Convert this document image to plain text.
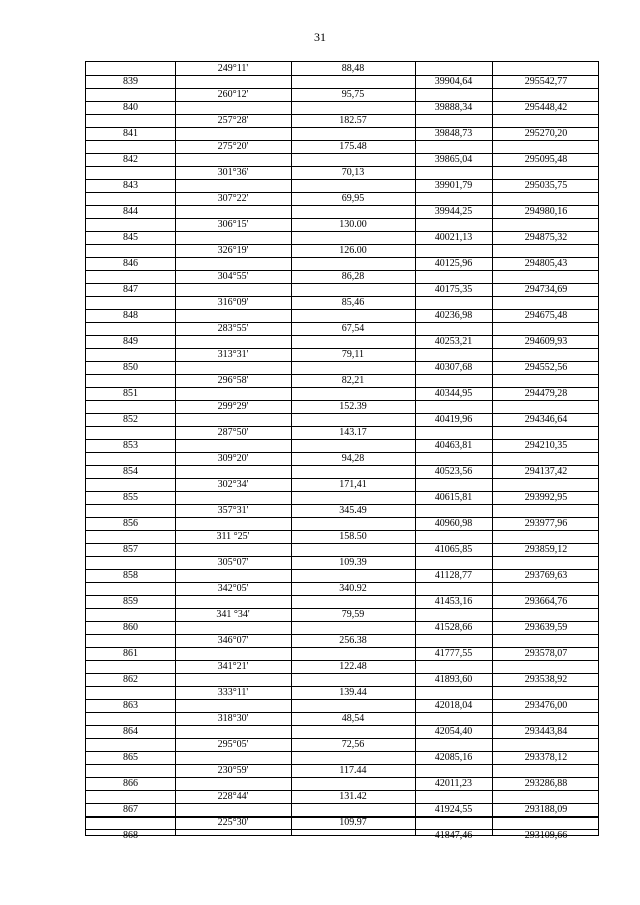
31
249°11'	88,48
839	39904,64	295542,77
260°12'	95,75
840	39888,34	295448,42
257°28'	182.57
841	39848,73	295270,20
275°20'	175.48
842	39865,04	295095,48
301°36'	70,13
843	39901,79	295035,75
307°22'	69,95
844	39944,25	294980,16
306°15'	130.00
845	40021,13	294875,32
326°19'	126.00
846	40125,96	294805,43
304°55'	86,28
847	40175,35	294734,69
316°09'	85,46
848	40236,98	294675,48
283°55'	67,54
849	40253,21	294609,93
313°31'	79,11
850	40307,68	294552,56
296°58'	82,21
851	40344,95	294479,28
299°29'	152.39
852	40419,96	294346,64
287°50'	143.17
853	40463,81	294210,35
309°20'	94,28
854	40523,56	294137,42
302°34'	171,41
855	40615,81	293992,95
357°31'	345.49
856	40960,98	293977,96
311 °25'	158.50
857	41065,85	293859,12
305°07'	109.39
858	41128,77	293769,63
342°05'	340.92
859	41453,16	293664,76
341 °34'	79,59
860	41528,66	293639,59
346°07'	256.38
861	41777,55	293578,07
341°21'	122.48
862	41893,60	293538,92
333°11'	139.44
863	42018,04	293476,00
318°30'	48,54
864	42054,40	293443,84
295°05'	72,56
865	42085,16	293378,12
230°59'	117.44
866	42011,23	293286,88
228°44'	131.42
867	41924,55	293188,09
225°30'	109.97
868	41847,46	293109,66
